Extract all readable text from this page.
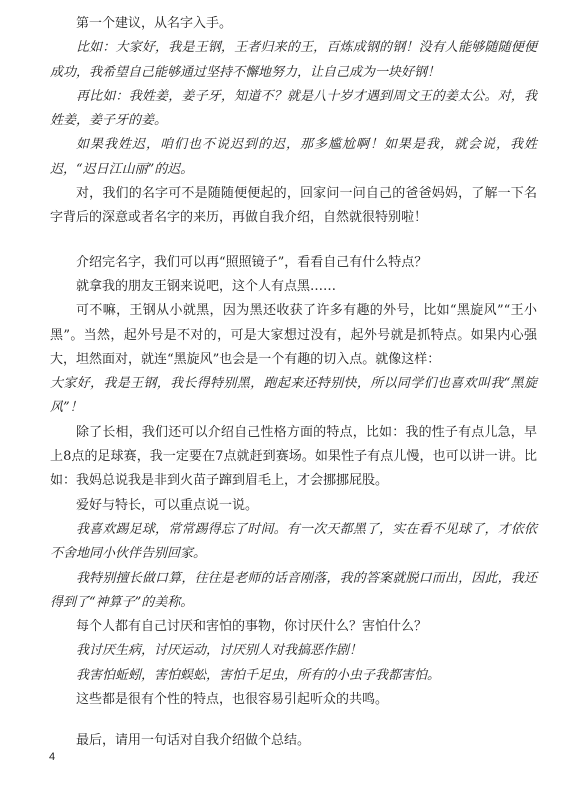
第一个建议，从名字入手。

比如：大家好，我是王钢，王者归来的王，百炼成钢的钢！没有人能够随随便便成功，我希望自己能够通过坚持不懈地努力，让自己成为一块好钢！

再比如：我姓姜，姜子牙，知道不？就是八十岁才遇到周文王的姜太公。对，我姓姜，姜子牙的姜。

如果我姓迟，咱们也不说迟到的迟，那多尴尬啊！如果是我，就会说，我姓迟，“迟日江山丽”的迟。

对，我们的名字可不是随随便便起的，回家问一问自己的爸爸妈妈，了解一下名字背后的深意或者名字的来历，再做自我介绍，自然就很特别啦！

介绍完名字，我们可以再“照照镜子”，看看自己有什么特点？

就拿我的朋友王钢来说吧，这个人有点黑……

可不嘛，王钢从小就黑，因为黑还收获了许多有趣的外号，比如“黑旋风”“王小黑”。当然，起外号是不对的，可是大家想过没有，起外号就是抓特点。如果内心强大，坦然面对，就连“黑旋风”也会是一个有趣的切入点。就像这样：

大家好，我是王钢，我长得特别黑，跑起来还特别快，所以同学们也喜欢叫我“黑旋风”！

除了长相，我们还可以介绍自己性格方面的特点，比如：我的性子有点儿急，早上8点的足球赛，我一定要在7点就赶到赛场。如果性子有点儿慢，也可以讲一讲。比如：我妈总说我是非到火苗子蹿到眉毛上，才会挪挪屁股。

爱好与特长，可以重点说一说。

我喜欢踢足球，常常踢得忘了时间。有一次天都黑了，实在看不见球了，才依依不舍地同小伙伴告别回家。

我特别擅长做口算，往往是老师的话音刚落，我的答案就脱口而出，因此，我还得到了“神算子”的美称。

每个人都有自己讨厌和害怕的事物，你讨厌什么？害怕什么？

我讨厌生病，讨厌运动，讨厌别人对我搞恶作剧！

我害怕蚯蚓，害怕蜈蚣，害怕千足虫，所有的小虫子我都害怕。

这些都是很有个性的特点，也很容易引起听众的共鸣。

最后，请用一句话对自我介绍做个总结。

4
